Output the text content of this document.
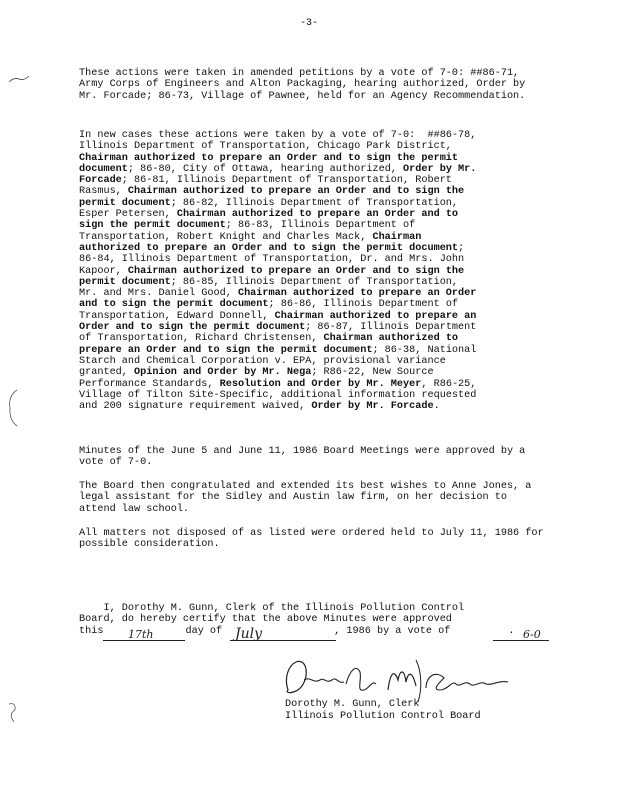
-3-

These actions were taken in amended petitions by a vote of 7-0: ##86-71, Army Corps of Engineers and Alton Packaging, hearing authorized, Order by Mr. Forcade; 86-73, Village of Pawnee, held for an Agency Recommendation.

In new cases these actions were taken by a vote of 7-0:  ##86-78,
Illinois Department of Transportation, Chicago Park District,
Chairman authorized to prepare an Order and to sign the permit
document; 86-80, City of Ottawa, hearing authorized, Order by Mr.
Forcade; 86-81, Illinois Department of Transportation, Robert
Rasmus, Chairman authorized to prepare an Order and to sign the
permit document; 86-82, Illinois Department of Transportation,
Esper Petersen, Chairman authorized to prepare an Order and to
sign the permit document; 86-83, Illinois Department of
Transportation, Robert Knight and Charles Mack, Chairman
authorized to prepare an Order and to sign the permit document;
86-84, Illinois Department of Transportation, Dr. and Mrs. John
Kapoor, Chairman authorized to prepare an Order and to sign the
permit document; 86-85, Illinois Department of Transportation,
Mr. and Mrs. Daniel Good, Chairman authorized to prepare an Order
and to sign the permit document; 86-86, Illinois Department of
Transportation, Edward Donnell, Chairman authorized to prepare an
Order and to sign the permit document; 86-87, Illinois Department
of Transportation, Richard Christensen, Chairman authorized to
prepare an Order and to sign the permit document; 86-38, National
Starch and Chemical Corporation v. EPA, provisional variance
granted, Opinion and Order by Mr. Nega; R86-22, New Source
Performance Standards, Resolution and Order by Mr. Meyer, R86-25,
Village of Tilton Site-Specific, additional information requested
and 200 signature requirement waived, Order by Mr. Forcade.

Minutes of the June 5 and June 11, 1986 Board Meetings were approved by a vote of 7-0.

The Board then congratulated and extended its best wishes to Anne Jones, a legal assistant for the Sidley and Austin law firm, on her decision to attend law school.

All matters not disposed of as listed were ordered held to July 11, 1986 for possible consideration.

I, Dorothy M. Gunn, Clerk of the Illinois Pollution Control
Board, do hereby certify that the above Minutes were approved
this	day of	, 1986 by a vote of	.
17th	July	6-0
Dorothy M. Gunn, Clerk
Illinois Pollution Control Board
